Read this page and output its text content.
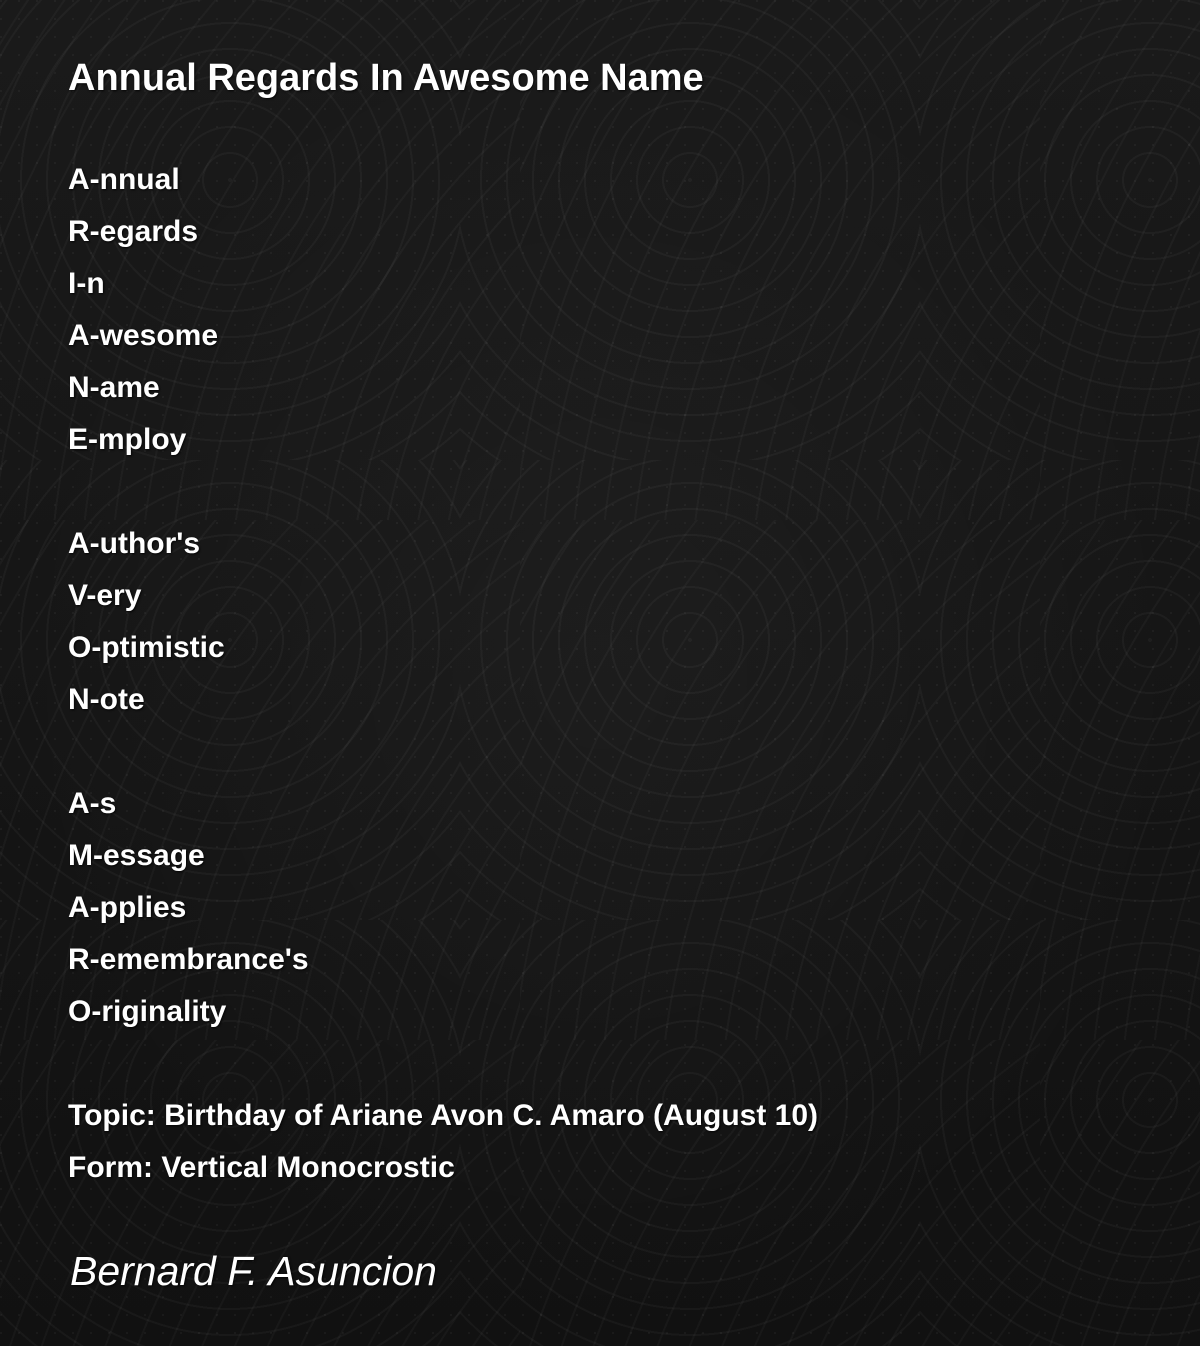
Annual Regards In Awesome Name

A-nnual

R-egards

I-n

A-wesome

N-ame

E-mploy

A-uthor's

V-ery

O-ptimistic

N-ote

A-s

M-essage

A-pplies

R-emembrance's

O-riginality

Topic: Birthday of Ariane Avon C. Amaro (August 10)

Form: Vertical Monocrostic

Bernard F. Asuncion
